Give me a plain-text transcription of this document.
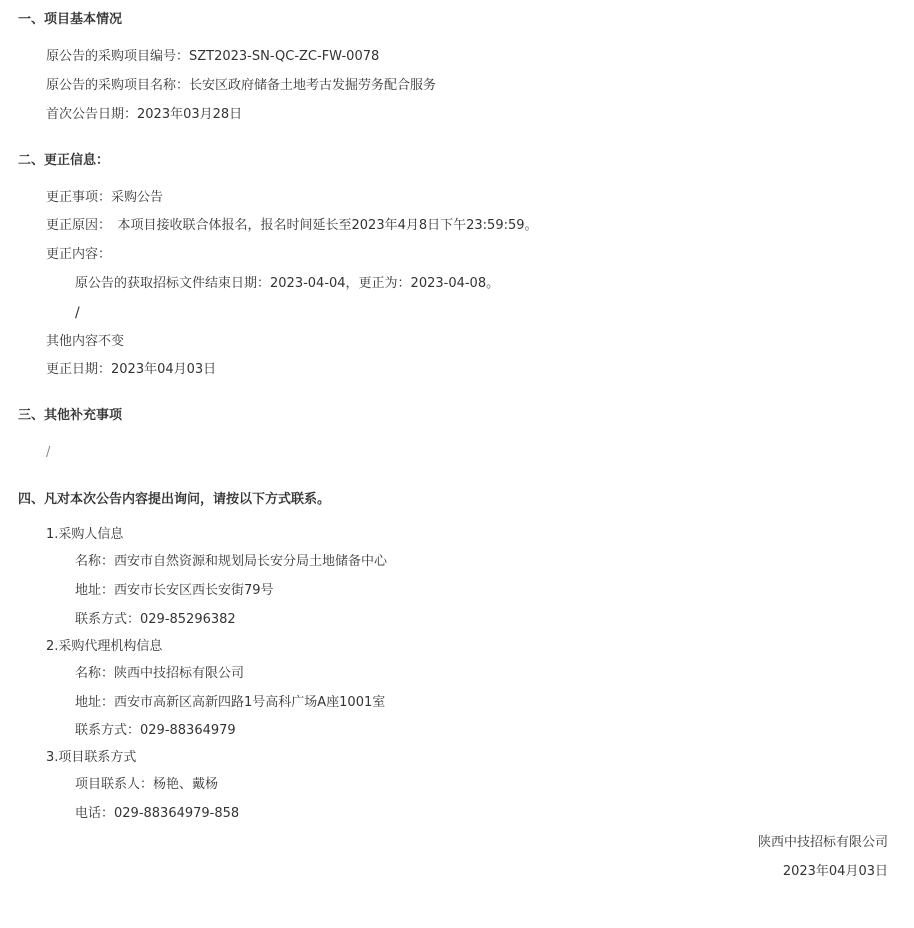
一、项目基本情况
原公告的采购项目编号：SZT2023-SN-QC-ZC-FW-0078
原公告的采购项目名称：长安区政府储备土地考古发掘劳务配合服务
首次公告日期：2023年03月28日
二、更正信息：
更正事项：采购公告
更正原因：　本项目接收联合体报名，报名时间延长至2023年4月8日下午23:59:59。
更正内容：
原公告的获取招标文件结束日期：2023-04-04，更正为：2023-04-08。
/
其他内容不变
更正日期：2023年04月03日
三、其他补充事项
/
四、凡对本次公告内容提出询问，请按以下方式联系。
1.采购人信息
名称：西安市自然资源和规划局长安分局土地储备中心
地址：西安市长安区西长安街79号
联系方式：029-85296382
2.采购代理机构信息
名称：陕西中技招标有限公司
地址：西安市高新区高新四路1号高科广场A座1001室
联系方式：029-88364979
3.项目联系方式
项目联系人：杨艳、戴杨
电话：029-88364979-858
陕西中技招标有限公司
2023年04月03日
